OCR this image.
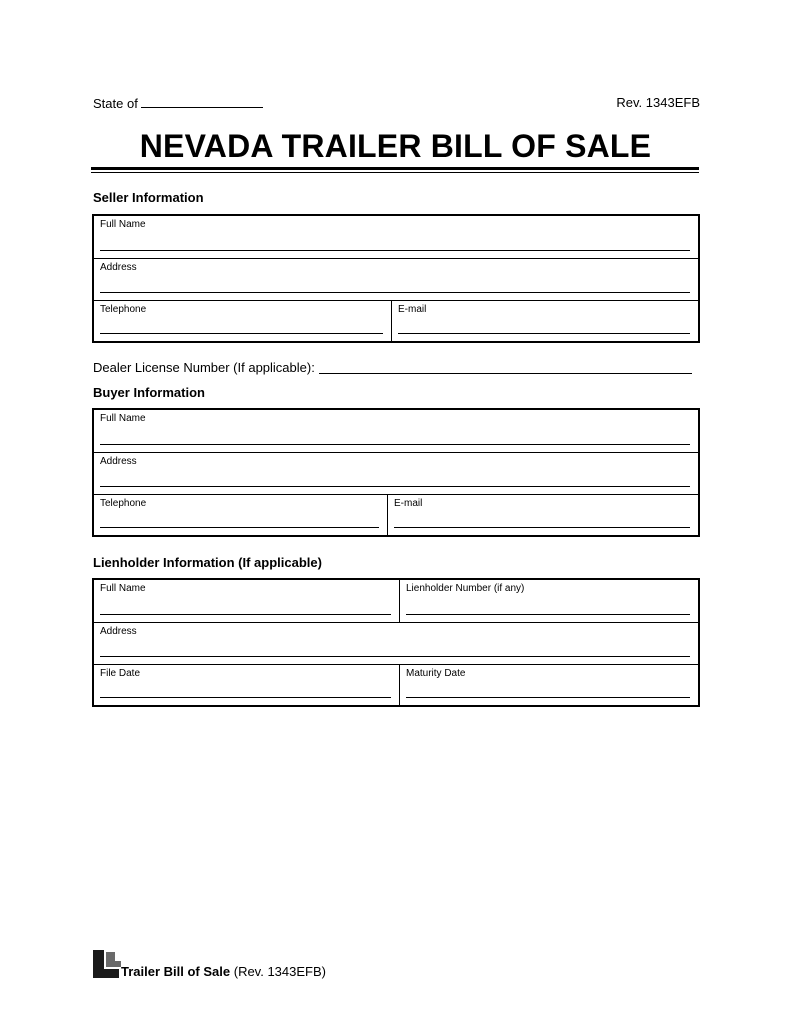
State of	Rev. 1343EFB
NEVADA TRAILER BILL OF SALE
Seller Information
Full Name
Address
Telephone	E-mail
Dealer License Number (If applicable):
Buyer Information
Full Name
Address
Telephone	E-mail
Lienholder Information (If applicable)
Full Name	Lienholder Number (if any)
Address
File Date	Maturity Date
Trailer Bill of Sale (Rev. 1343EFB)
